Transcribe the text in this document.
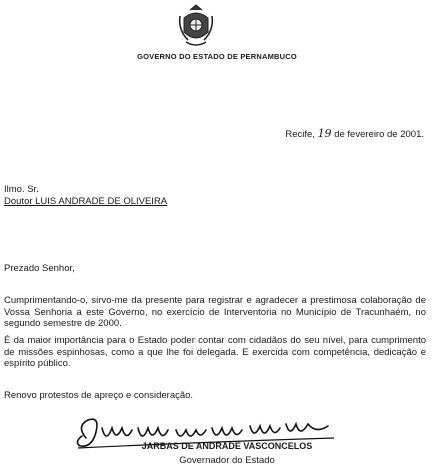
GOVERNO DO ESTADO DE PERNAMBUCO
Recife, 19 de fevereiro de 2001.
Ilmo. Sr.
Doutor LUIS ANDRADE DE OLIVEIRA
Prezado Senhor,

Cumprimentando-o, sirvo-me da presente para registrar e agradecer a prestimosa colaboração de Vossa Senhoria a este Governo, no exercício de Interventoria no Município de Tracunhaém, no segundo semestre de 2000.

É da maior importância para o Estado poder contar com cidadãos do seu nível, para cumprimento de missões espinhosas, como a que lhe foi delegada. E exercida com competência, dedicação e espírito público.

Renovo protestos de apreço e consideração.
JARBAS DE ANDRADE VASCONCELOS
Governador do Estado
